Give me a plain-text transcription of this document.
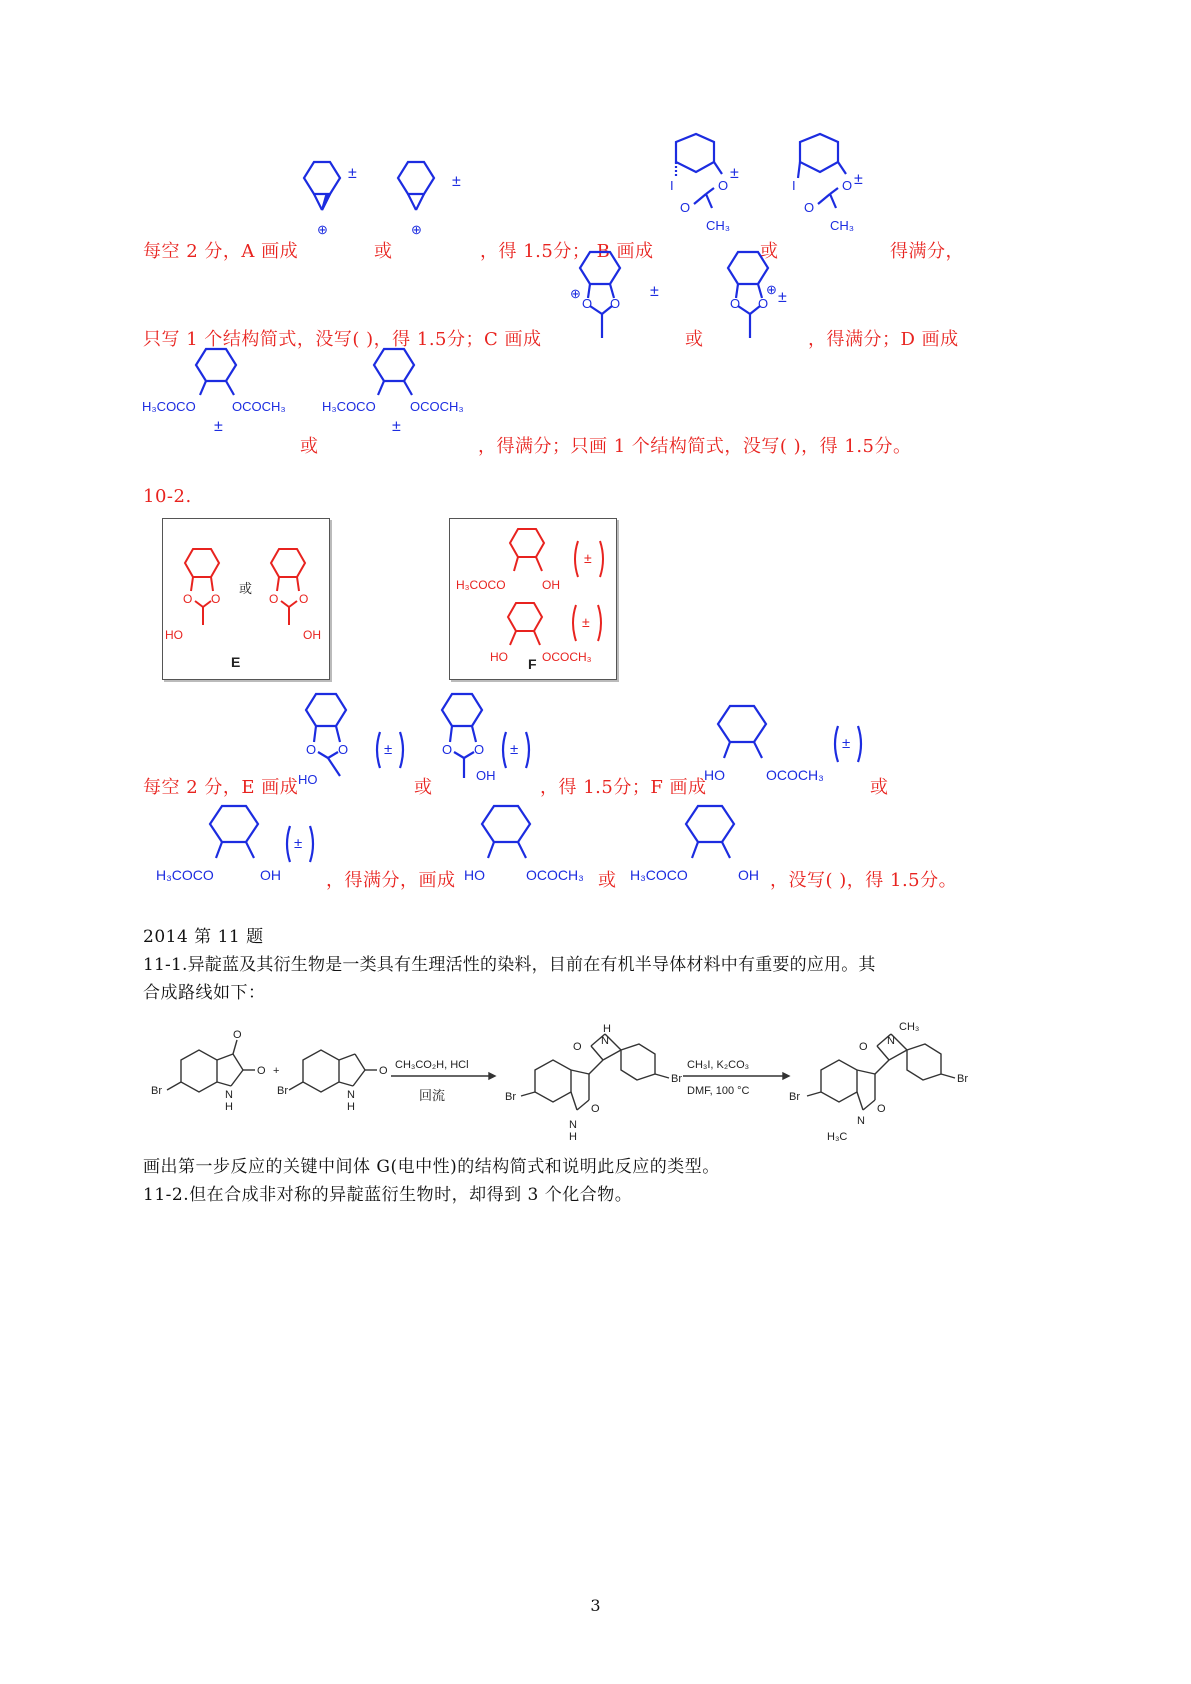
每空 2 分，A 画成	或	，得 1.5分； B 画成	或	得满分，
⊕
±
⊕
±	I	O
O
CH₃
±
I	O
O
CH₃
±
只写 1 个结构简式，没写( )，得 1.5分；C 画成	或	，得满分；D 画成
⊕
O O
±
O O
⊕ ±
H₃COCO	OCOCH₃
±
H₃COCO	OCOCH₃
±
或	，得满分；只画 1 个结构简式，没写( )，得 1.5分。
10-2.
O O
HO
O O
OH
或
E
H₃COCO	OH
±
HO	OCOCH₃
±
F
每空 2 分，E 画成	或	，得 1.5分；F 画成	或
O O
HO
±	O O
OH
±
HO	OCOCH₃
±
，得满分，画成	或	，没写( )，得 1.5分。
H₃COCO	OH
±
HO	OCOCH₃	H₃COCO	OH
2014 第 11 题
11-1.异靛蓝及其衍生物是一类具有生理活性的染料，目前在有机半导体材料中有重要的应用。其
合成路线如下：
Br
O
O
N
H
+
Br
O
N
H
CH₃CO₂H, HCl
回流	Br
N
H
O
O
H
N
Br
CH₃I, K₂CO₃
DMF, 100 °C	Br
N
H₃C
O
O N
CH₃
Br
画出第一步反应的关键中间体 G(电中性)的结构简式和说明此反应的类型。
11-2.但在合成非对称的异靛蓝衍生物时，却得到 3 个化合物。
3
